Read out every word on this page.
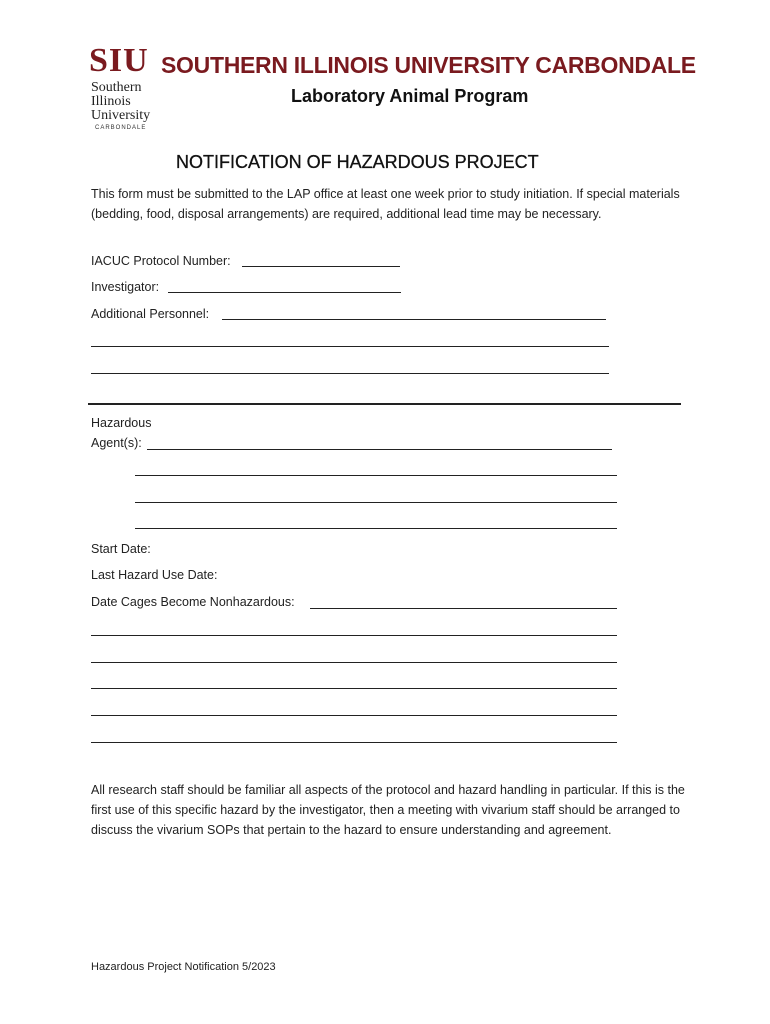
SIU
Southern
Illinois
University
CARBONDALE
SOUTHERN ILLINOIS UNIVERSITY CARBONDALE
Laboratory Animal Program
NOTIFICATION OF HAZARDOUS PROJECT
This form must be submitted to the LAP office at least one week prior to study initiation. If special materials (bedding, food, disposal arrangements) are required, additional lead time may be necessary.
IACUC Protocol Number:
Investigator:
Additional Personnel:
Hazardous
Agent(s):
Start Date:
Last Hazard Use Date:
Date Cages Become Nonhazardous:
All research staff should be familiar all aspects of the protocol and hazard handling in particular. If this is the first use of this specific hazard by the investigator, then a meeting with vivarium staff should be arranged to discuss the vivarium SOPs that pertain to the hazard to ensure understanding and agreement.
Hazardous Project Notification 5/2023
